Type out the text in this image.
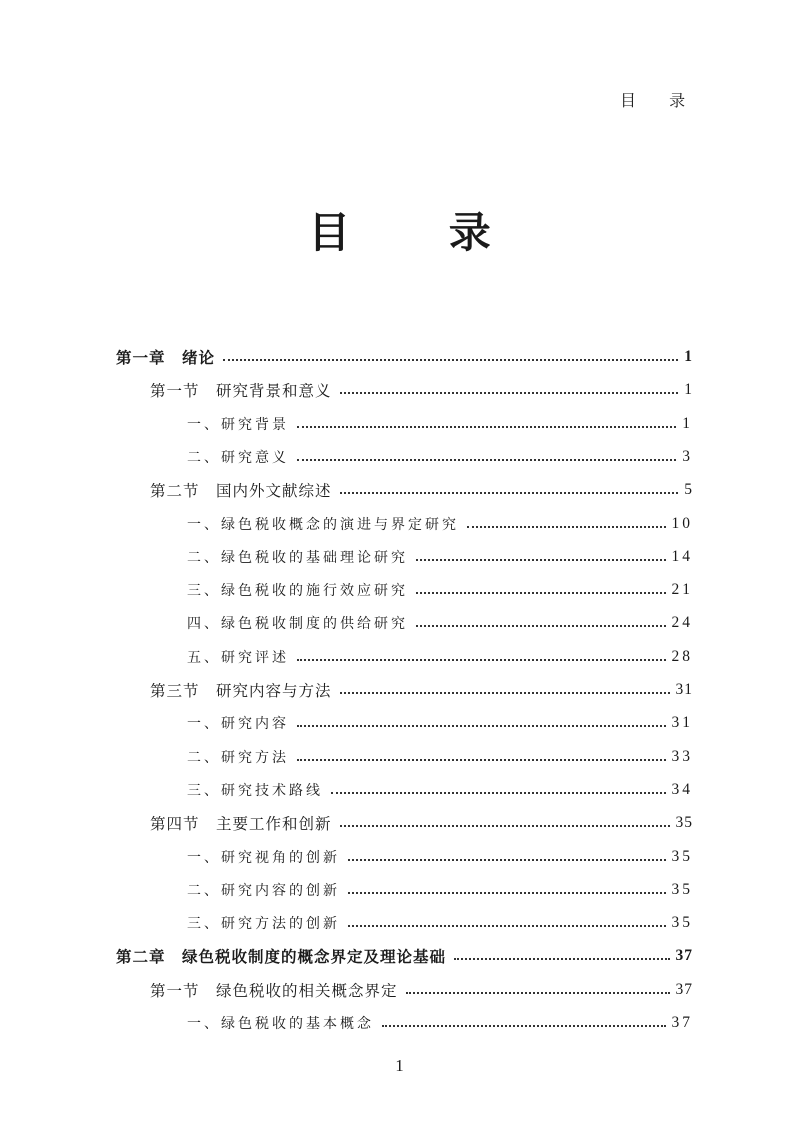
目 录
目 录
第一章　绪论	1
第一节　研究背景和意义	1
一、研究背景	1
二、研究意义	3
第二节　国内外文献综述	5
一、绿色税收概念的演进与界定研究	10
二、绿色税收的基础理论研究	14
三、绿色税收的施行效应研究	21
四、绿色税收制度的供给研究	24
五、研究评述	28
第三节　研究内容与方法	31
一、研究内容	31
二、研究方法	33
三、研究技术路线	34
第四节　主要工作和创新	35
一、研究视角的创新	35
二、研究内容的创新	35
三、研究方法的创新	35
第二章　绿色税收制度的概念界定及理论基础	37
第一节　绿色税收的相关概念界定	37
一、绿色税收的基本概念	37
1
